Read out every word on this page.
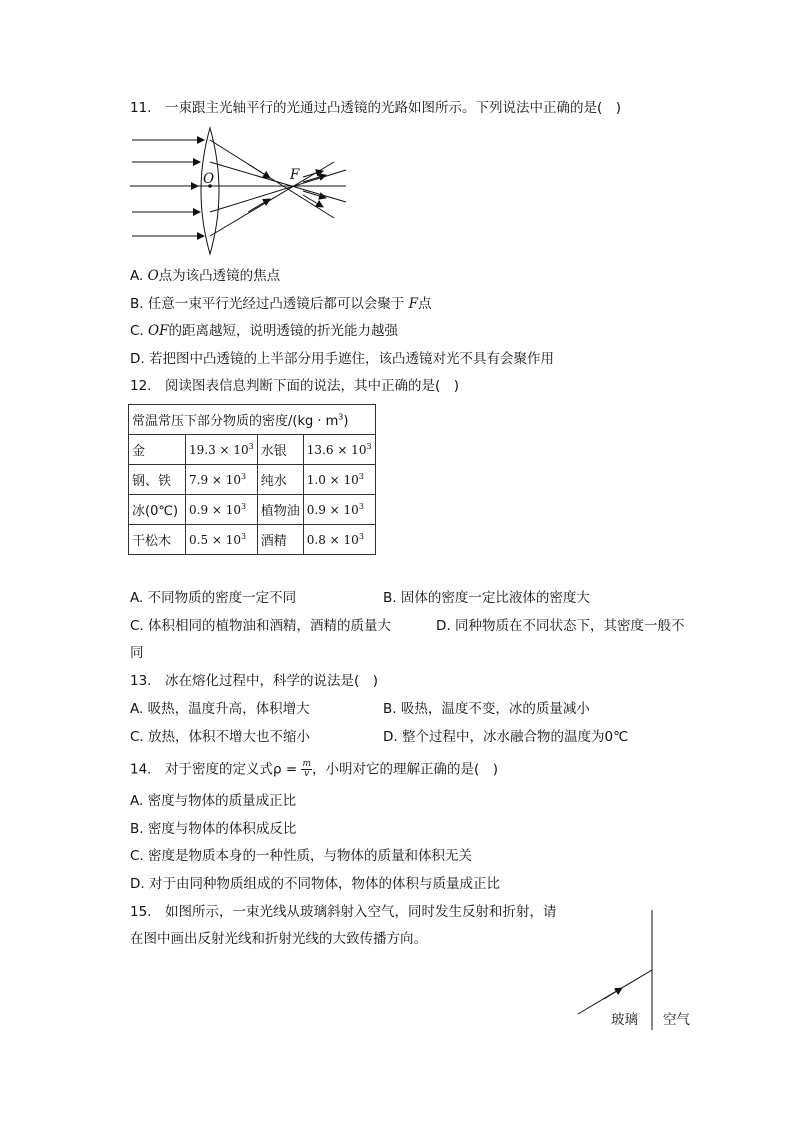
11.　一束跟主光轴平行的光通过凸透镜的光路如图所示。下列说法中正确的是(　)
O	F
A. O点为该凸透镜的焦点
B. 任意一束平行光经过凸透镜后都可以会聚于 F点
C. OF的距离越短，说明透镜的折光能力越强
D. 若把图中凸透镜的上半部分用手遮住，该凸透镜对光不具有会聚作用
12.　阅读图表信息判断下面的说法，其中正确的是(　)
常温常压下部分物质的密度$/(kg \cdot m^3)$			
金	$19.3 \times 10^3$	水银	$13.6 \times 10^3$
钢、铁	$7.9 \times 10^3$	纯水	$1.0 \times 10^3$
冰(0℃)	$0.9 \times 10^3$	植物油	$0.9 \times 10^3$
干松木	$0.5 \times 10^3$	酒精	$0.8 \times 10^3$
A. 不同物质的密度一定不同	B. 固体的密度一定比液体的密度大
C. 体积相同的植物油和酒精，酒精的质量大	D. 同种物质在不同状态下，其密度一般不
同
13.　冰在熔化过程中，科学的说法是(　)
A. 吸热，温度升高，体积增大	B. 吸热，温度不变，冰的质量减小
C. 放热，体积不增大也不缩小	D. 整个过程中，冰水融合物的温度为0℃
14.　对于密度的定义式$\rho = \frac{m}{v}$ ，小明对它的理解正确的是(　)
A. 密度与物体的质量成正比
B. 密度与物体的体积成反比
C. 密度是物质本身的一种性质，与物体的质量和体积无关
D. 对于由同种物质组成的不同物体，物体的体积与质量成正比
15.　如图所示，一束光线从玻璃斜射入空气，同时发生反射和折射，请
在图中画出反射光线和折射光线的大致传播方向。
玻璃 空气
